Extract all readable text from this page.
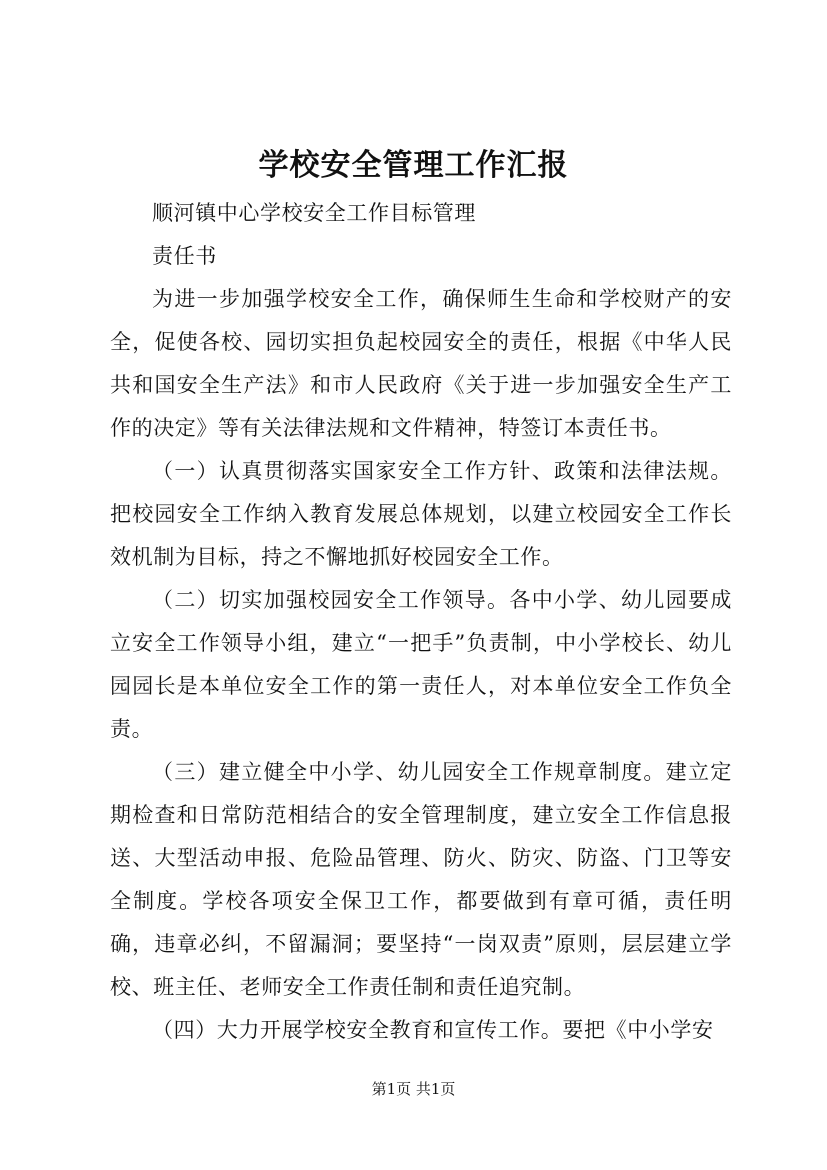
学校安全管理工作汇报

顺河镇中心学校安全工作目标管理

责任书

为进一步加强学校安全工作，确保师生生命和学校财产的安全，促使各校、园切实担负起校园安全的责任，根据《中华人民共和国安全生产法》和市人民政府《关于进一步加强安全生产工作的决定》等有关法律法规和文件精神，特签订本责任书。

（一）认真贯彻落实国家安全工作方针、政策和法律法规。把校园安全工作纳入教育发展总体规划，以建立校园安全工作长效机制为目标，持之不懈地抓好校园安全工作。

（二）切实加强校园安全工作领导。各中小学、幼儿园要成立安全工作领导小组，建立“一把手”负责制，中小学校长、幼儿园园长是本单位安全工作的第一责任人，对本单位安全工作负全责。

（三）建立健全中小学、幼儿园安全工作规章制度。建立定期检查和日常防范相结合的安全管理制度，建立安全工作信息报送、大型活动申报、危险品管理、防火、防灾、防盗、门卫等安全制度。学校各项安全保卫工作，都要做到有章可循，责任明确，违章必纠，不留漏洞；要坚持“一岗双责”原则，层层建立学校、班主任、老师安全工作责任制和责任追究制。

（四）大力开展学校安全教育和宣传工作。要把《中小学安

第1页 共1页
